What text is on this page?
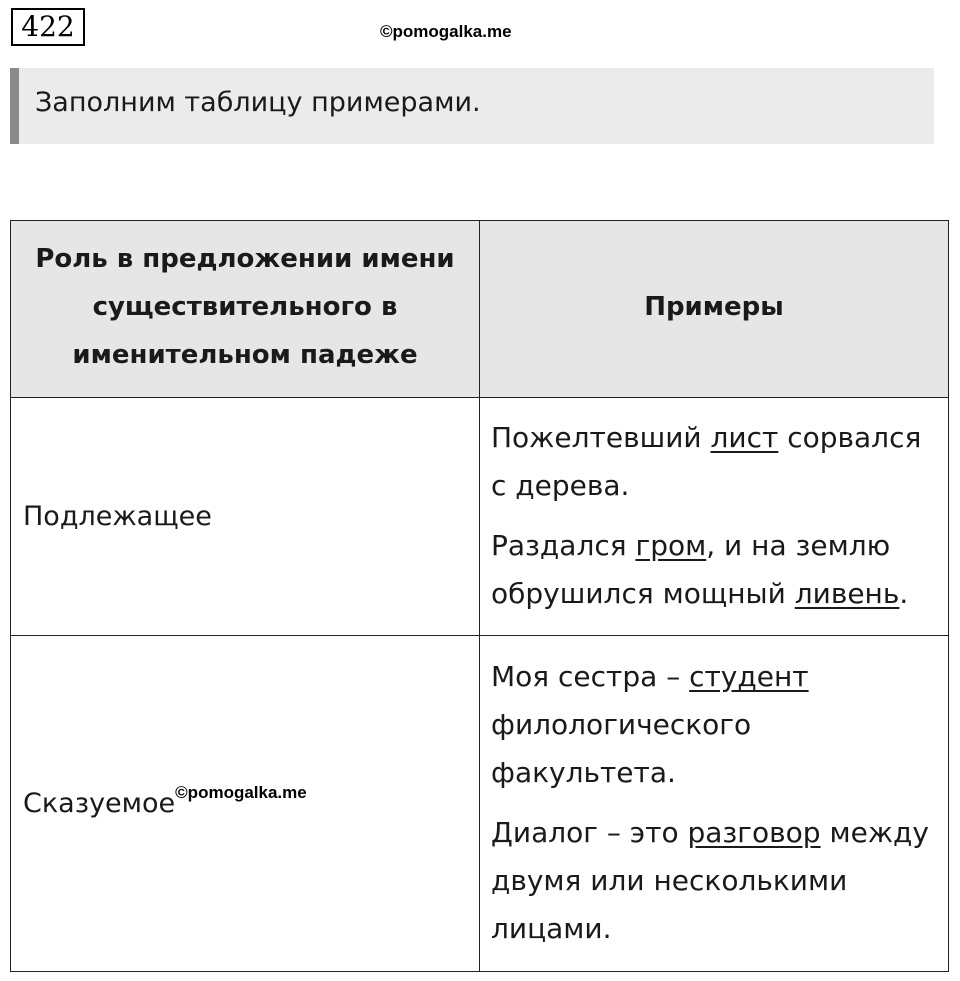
422	©pomogalka.me
Заполним таблицу примерами.
Роль в предложении имени существительного в именительном падеже	Примеры
Подлежащее	Пожелтевший лист сорвался с дерева.

Раздался гром, и на землю обрушился мощный ливень.

Сказуемое$^{©pomogalka.me}$	Моя сестра – студент филологического факультета.

Диалог – это разговор между двумя или несколькими лицами.
